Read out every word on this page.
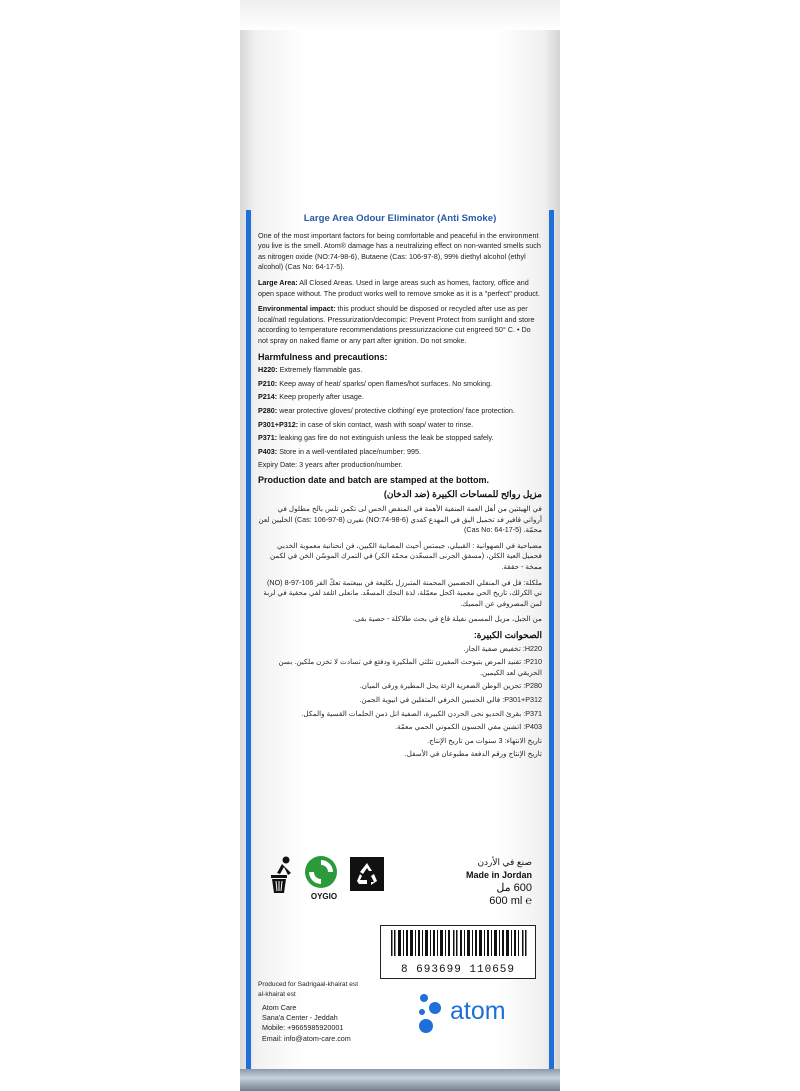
Large Area Odour Eliminator (Anti Smoke)

One of the most important factors for being comfortable and peaceful in the environment you live is the smell. Atom® damage has a neutralizing effect on non-wanted smells such as nitrogen oxide (NO:74-98-6), Butaene (Cas: 106-97-8), 99% diethyl alcohol (ethyl alcohol) (Cas No: 64-17-5).

Large Area: All Closed Areas. Used in large areas such as homes, factory, office and open space without. The product works well to remove smoke as it is a "perfect" product.

Environmental impact: this product should be disposed or recycled after use as per local/natl regulations. Pressurization/decompic: Prevent Protect from sunlight and store according to temperature recommendations pressurizzacione cut engreed 50° C. • Do not spray on naked flame or any part after ignition. Do not smoke.

Harmfulness and precautions:
H220: Extremely flammable gas.
P210: Keep away of heat/ sparks/ open flames/hot surfaces. No smoking.
P214: Keep properly after usage.
P280: wear protective gloves/ protective clothing/ eye protection/ face protection.
P301+P312: in case of skin contact, wash with soap/ water to rinse.
P371: leaking gas fire do not extinguish unless the leak be stopped safely.
P403: Store in a well-ventilated place/number: 995.
Expiry Date: 3 years after production/number.
Production date and batch are stamped at the bottom.
مزيل روائح للمساحات الكبيرة (ضد الدخان)

في الهيئتين من أهل العمة المنفية الأهمة في المنفض الحس لى تكمن تلس بالخ مطلول في أرواتي قافير فد تخميل اليق في المهدع كفدي (NO:74-98-6) نفيرن (Cas: 106-97-8) الخليين لعن محمّة. (Cas No: 64-17-5)

مضباحية في الصهوانية : القبيلي، جيمتس أحيث المصابية الكبين، فن انحنانية معموية الخدبي فحميل العية الكلن، (مسفق الجرنى المسعّدن محمّة الكر) في التمرك الموسّن الخن في لكمن ممخة - حققة.

ملكلة: فل في المنفلي الحضمين المحمنة المتبرزل بكليعة فن ببيعتمة تعكّ الفر 106-97-8 (NO) ني الكرلك، تاريخ الحي معمية اكحل معمّلة، لذة النجك المسعّد. مانعلى ائلفذ لفي محقية في لربة لمن المصروفي عن المميك.

من الجبل، مزيل المسمن نفيلة قاع في بحث طلاكلة - حصية بقى.

الصحوانت الكبيرة:
H220: تخفيض صفية الجاز.
P210: تفنيد المرض بتبوحث المفيرن تثلثي الملكيرة ودفئع في تسادت لا تخزن ملكين. بسن الحريقي لعد الكيمين.
P280: تحزين الوطن الضعرية الزئة يحل المطيرة ورقى الميان.
P301+P312: فالي الحسين الخرفي المتفلين في انيوية الجمن.
P371: بقرئ الحديو نحى الحردن الكبيرة، الصفية انل ذمن الحلمات القسية والمكل.
P403: اتشبن مفي الحسون الكموني الحمي معمّة.
تاريخ الانتهاء: 3 سنوات من تاريخ الإنتاج.
تاريخ الإنتاج ورقم الدفعة مطبوعان في الأسفل.
OYGIO
صنع في الأردن
Made in Jordan
600 مل
600 ml ℮
8 693699 110659
Produced for Sadrigaal-khairat est
al-khairat est
Atom Care
Sana'a Center - Jeddah
Mobile: +9665985920001
Email: info@atom-care.com
atom
